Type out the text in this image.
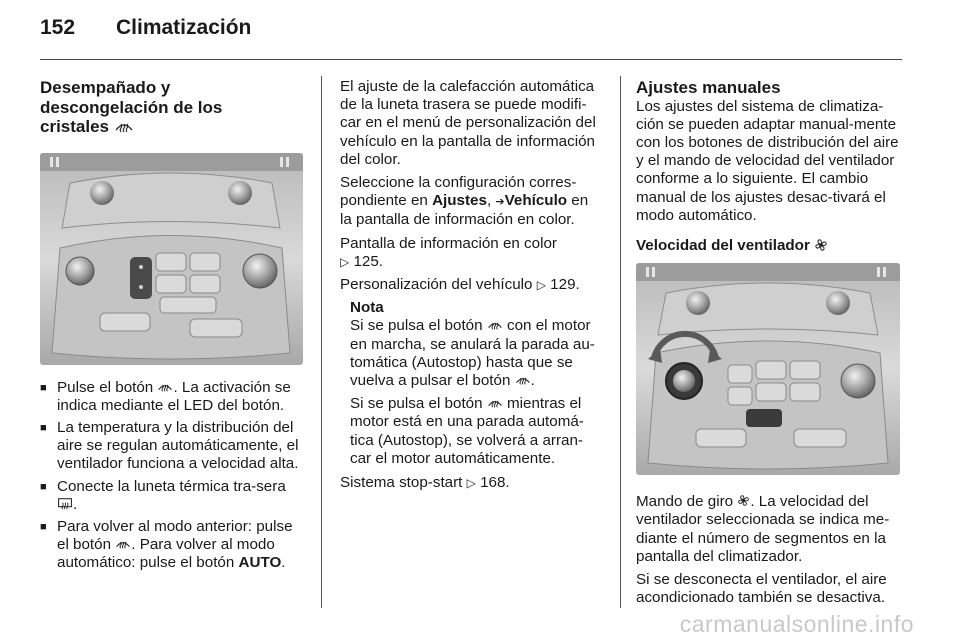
152	Climatización
Desempañado y
descongelación de los
cristales
■ Pulse el botón . La activación se indica mediante el LED del botón.
■ La temperatura y la distribución del aire se regulan automáticamente, el ventilador funciona a velocidad alta.
■ Conecte la luneta térmica tra-sera .
■ Para volver al modo anterior: pulse el botón . Para volver al modo automático: pulse el botón AUTO.

El ajuste de la calefacción automática de la luneta trasera se puede modifi-car en el menú de personalización del vehículo en la pantalla de información del color.

Seleccione la configuración corres-pondiente en Ajustes, ➔Vehículo en la pantalla de información en color.

Pantalla de información en color
▷ 125.

Personalización del vehículo ▷ 129.

Nota

Si se pulsa el botón  con el motor en marcha, se anulará la parada au-tomática (Autostop) hasta que se vuelva a pulsar el botón .

Si se pulsa el botón  mientras el motor está en una parada automá-tica (Autostop), se volverá a arran-car el motor automáticamente.

Sistema stop-start ▷ 168.

Ajustes manuales

Los ajustes del sistema de climatiza-ción se pueden adaptar manual-mente con los botones de distribución del aire y el mando de velocidad del ventilador conforme a lo siguiente. El cambio manual de los ajustes desac-tivará el modo automático.

Velocidad del ventilador

Mando de giro . La velocidad del ventilador seleccionada se indica me-diante el número de segmentos en la pantalla del climatizador.

Si se desconecta el ventilador, el aire acondicionado también se desactiva.

carmanualsonline.info
